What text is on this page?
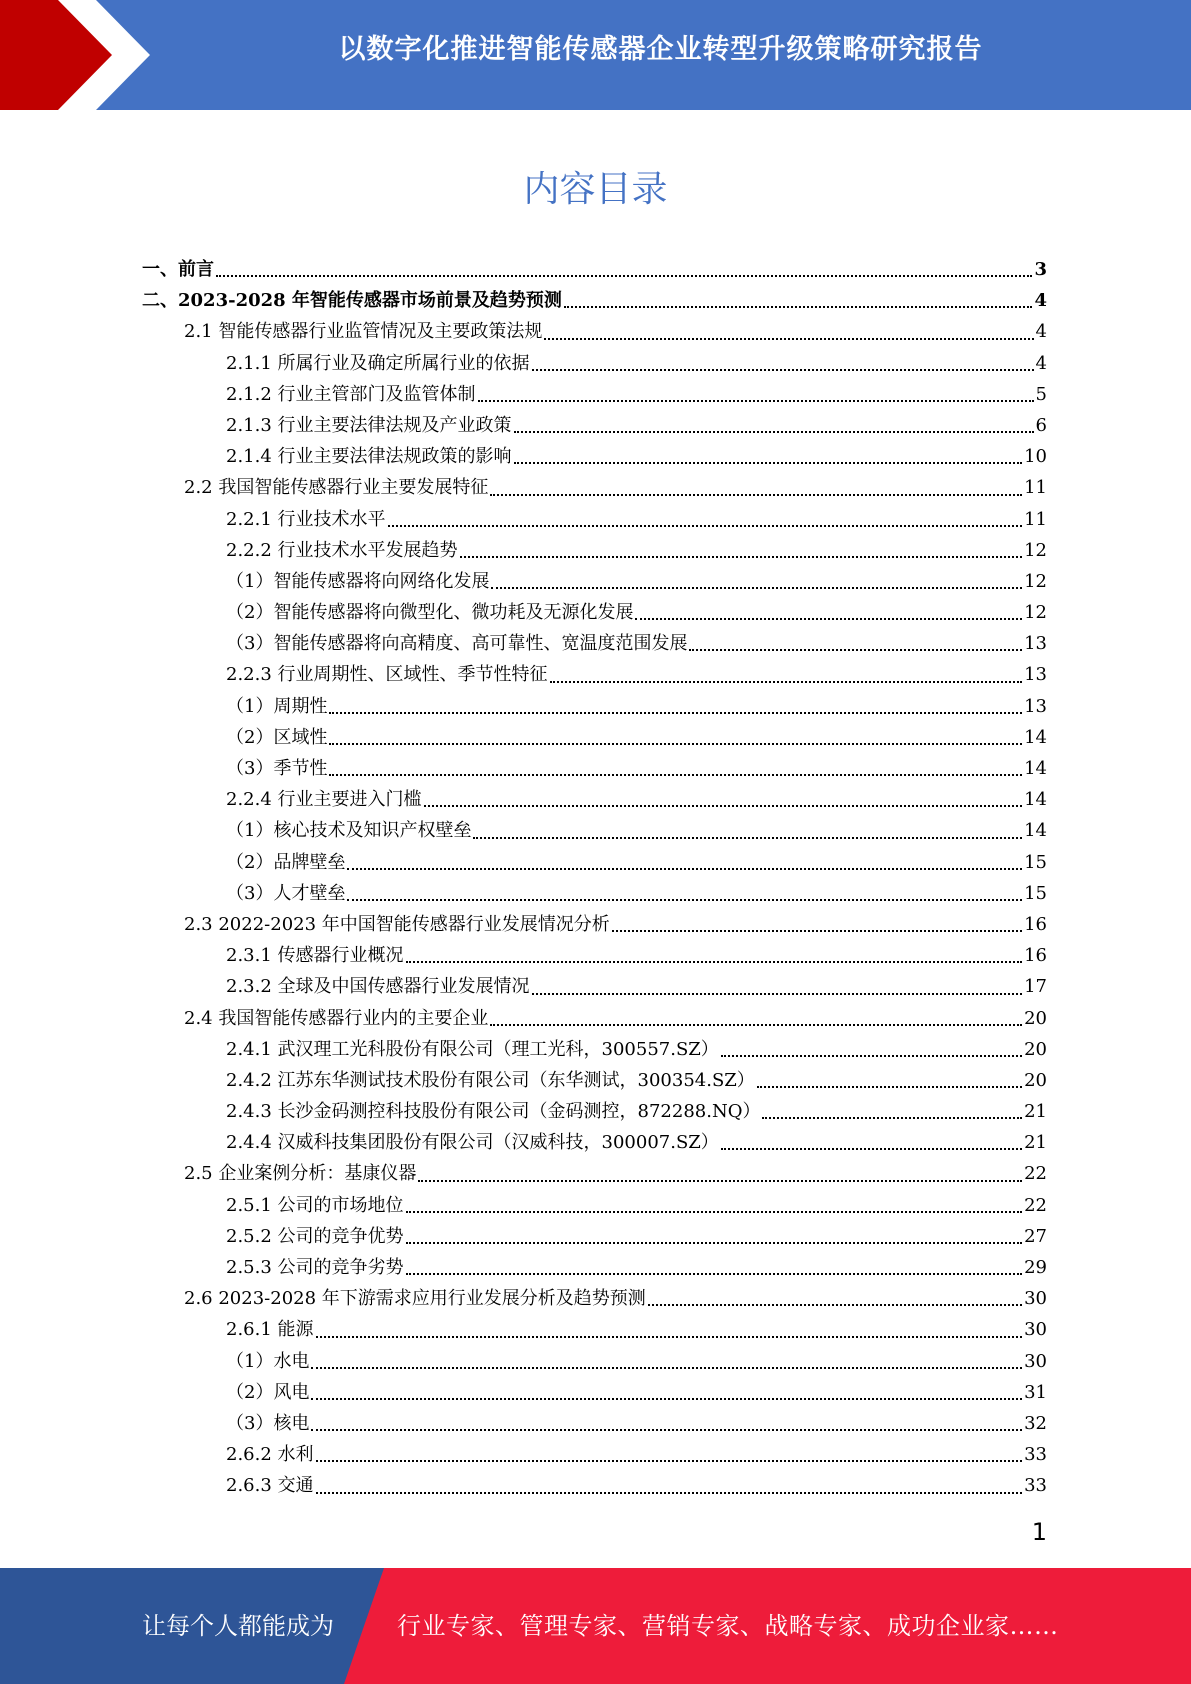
以数字化推进智能传感器企业转型升级策略研究报告
内容目录
一、前言	3
二、2023-2028 年智能传感器市场前景及趋势预测	4
2.1 智能传感器行业监管情况及主要政策法规	4
2.1.1 所属行业及确定所属行业的依据	4
2.1.2 行业主管部门及监管体制	5
2.1.3 行业主要法律法规及产业政策	6
2.1.4 行业主要法律法规政策的影响	10
2.2 我国智能传感器行业主要发展特征	11
2.2.1 行业技术水平	11
2.2.2 行业技术水平发展趋势	12
（1）智能传感器将向网络化发展	12
（2）智能传感器将向微型化、微功耗及无源化发展	12
（3）智能传感器将向高精度、高可靠性、宽温度范围发展	13
2.2.3 行业周期性、区域性、季节性特征	13
（1）周期性	13
（2）区域性	14
（3）季节性	14
2.2.4 行业主要进入门槛	14
（1）核心技术及知识产权壁垒	14
（2）品牌壁垒	15
（3）人才壁垒	15
2.3 2022-2023 年中国智能传感器行业发展情况分析	16
2.3.1 传感器行业概况	16
2.3.2 全球及中国传感器行业发展情况	17
2.4 我国智能传感器行业内的主要企业	20
2.4.1 武汉理工光科股份有限公司（理工光科，300557.SZ）	20
2.4.2 江苏东华测试技术股份有限公司（东华测试，300354.SZ）	20
2.4.3 长沙金码测控科技股份有限公司（金码测控，872288.NQ）	21
2.4.4 汉威科技集团股份有限公司（汉威科技，300007.SZ）	21
2.5 企业案例分析：基康仪器	22
2.5.1 公司的市场地位	22
2.5.2 公司的竞争优势	27
2.5.3 公司的竞争劣势	29
2.6 2023-2028 年下游需求应用行业发展分析及趋势预测	30
2.6.1 能源	30
（1）水电	30
（2）风电	31
（3）核电	32
2.6.2 水利	33
2.6.3 交通	33
1
让每个人都能成为	行业专家、管理专家、营销专家、战略专家、成功企业家……
